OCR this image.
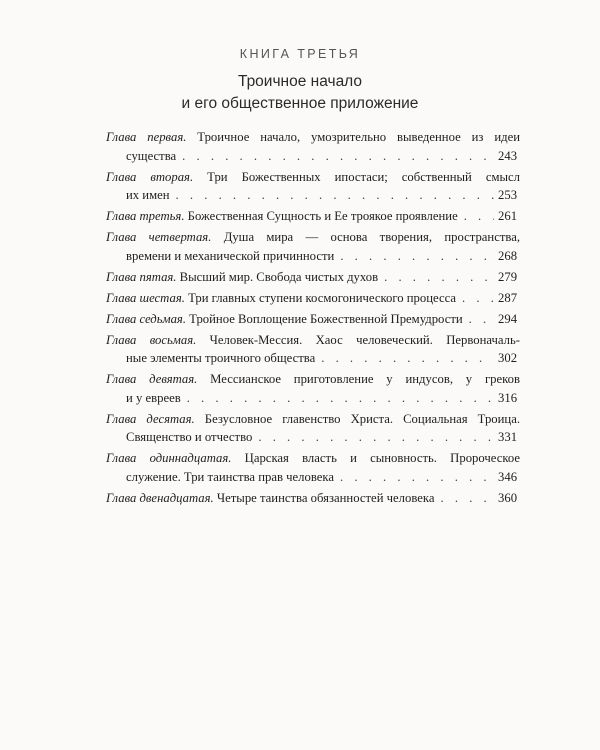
КНИГА ТРЕТЬЯ

Троичное начало
и его общественное приложение
Глава первая. Троичное начало, умозрительно выведенное из идеи
существа . . .	243
Глава вторая. Три Божественных ипостаси; собственный смысл
их имен . . .	253
Глава третья. Божественная Сущность и Ее троякое проявление . . .	261
Глава четвертая. Душа мира — основа творения, пространства,
времени и механической причинности . . .	268
Глава пятая. Высший мир. Свобода чистых духов . . .	279
Глава шестая. Три главных ступени космогонического процесса . . .	287
Глава седьмая. Тройное Воплощение Божественной Премудрости . . .	294
Глава восьмая. Человек-Мессия. Хаос человеческий. Первоначаль-
ные элементы троичного общества . . .	302
Глава девятая. Мессианское приготовление у индусов, у греков
и у евреев . . .	316
Глава десятая. Безусловное главенство Христа. Социальная Троица.
Священство и отчество . . .	331
Глава одиннадцатая. Царская власть и сыновность. Пророческое
служение. Три таинства прав человека . . .	346
Глава двенадцатая. Четыре таинства обязанностей человека . . .	360
